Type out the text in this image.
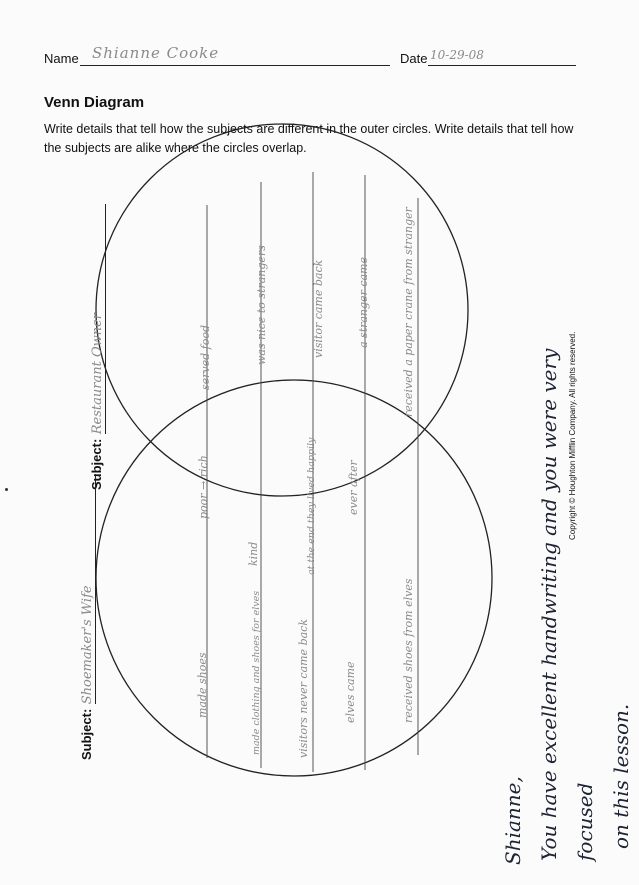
Name Shianne Cooke	Date 10-29-08
Venn Diagram
Write details that tell how the subjects are different in the outer circles. Write details that tell how the subjects are alike where the circles overlap.
Subject: Restaurant Owner
Subject: Shoemaker's Wife
served food	was nice to strangers	visitor came back	a stranger came	received a paper crane from stranger
poor → rich
kind	at the end they lived happily	ever after
made shoes	made clothing and shoes for elves	visitors never came back	elves came	received shoes from elves
Copyright © Houghton Mifflin Company. All rights reserved.
Shianne, You have excellent handwriting and you were very focused on this lesson.
